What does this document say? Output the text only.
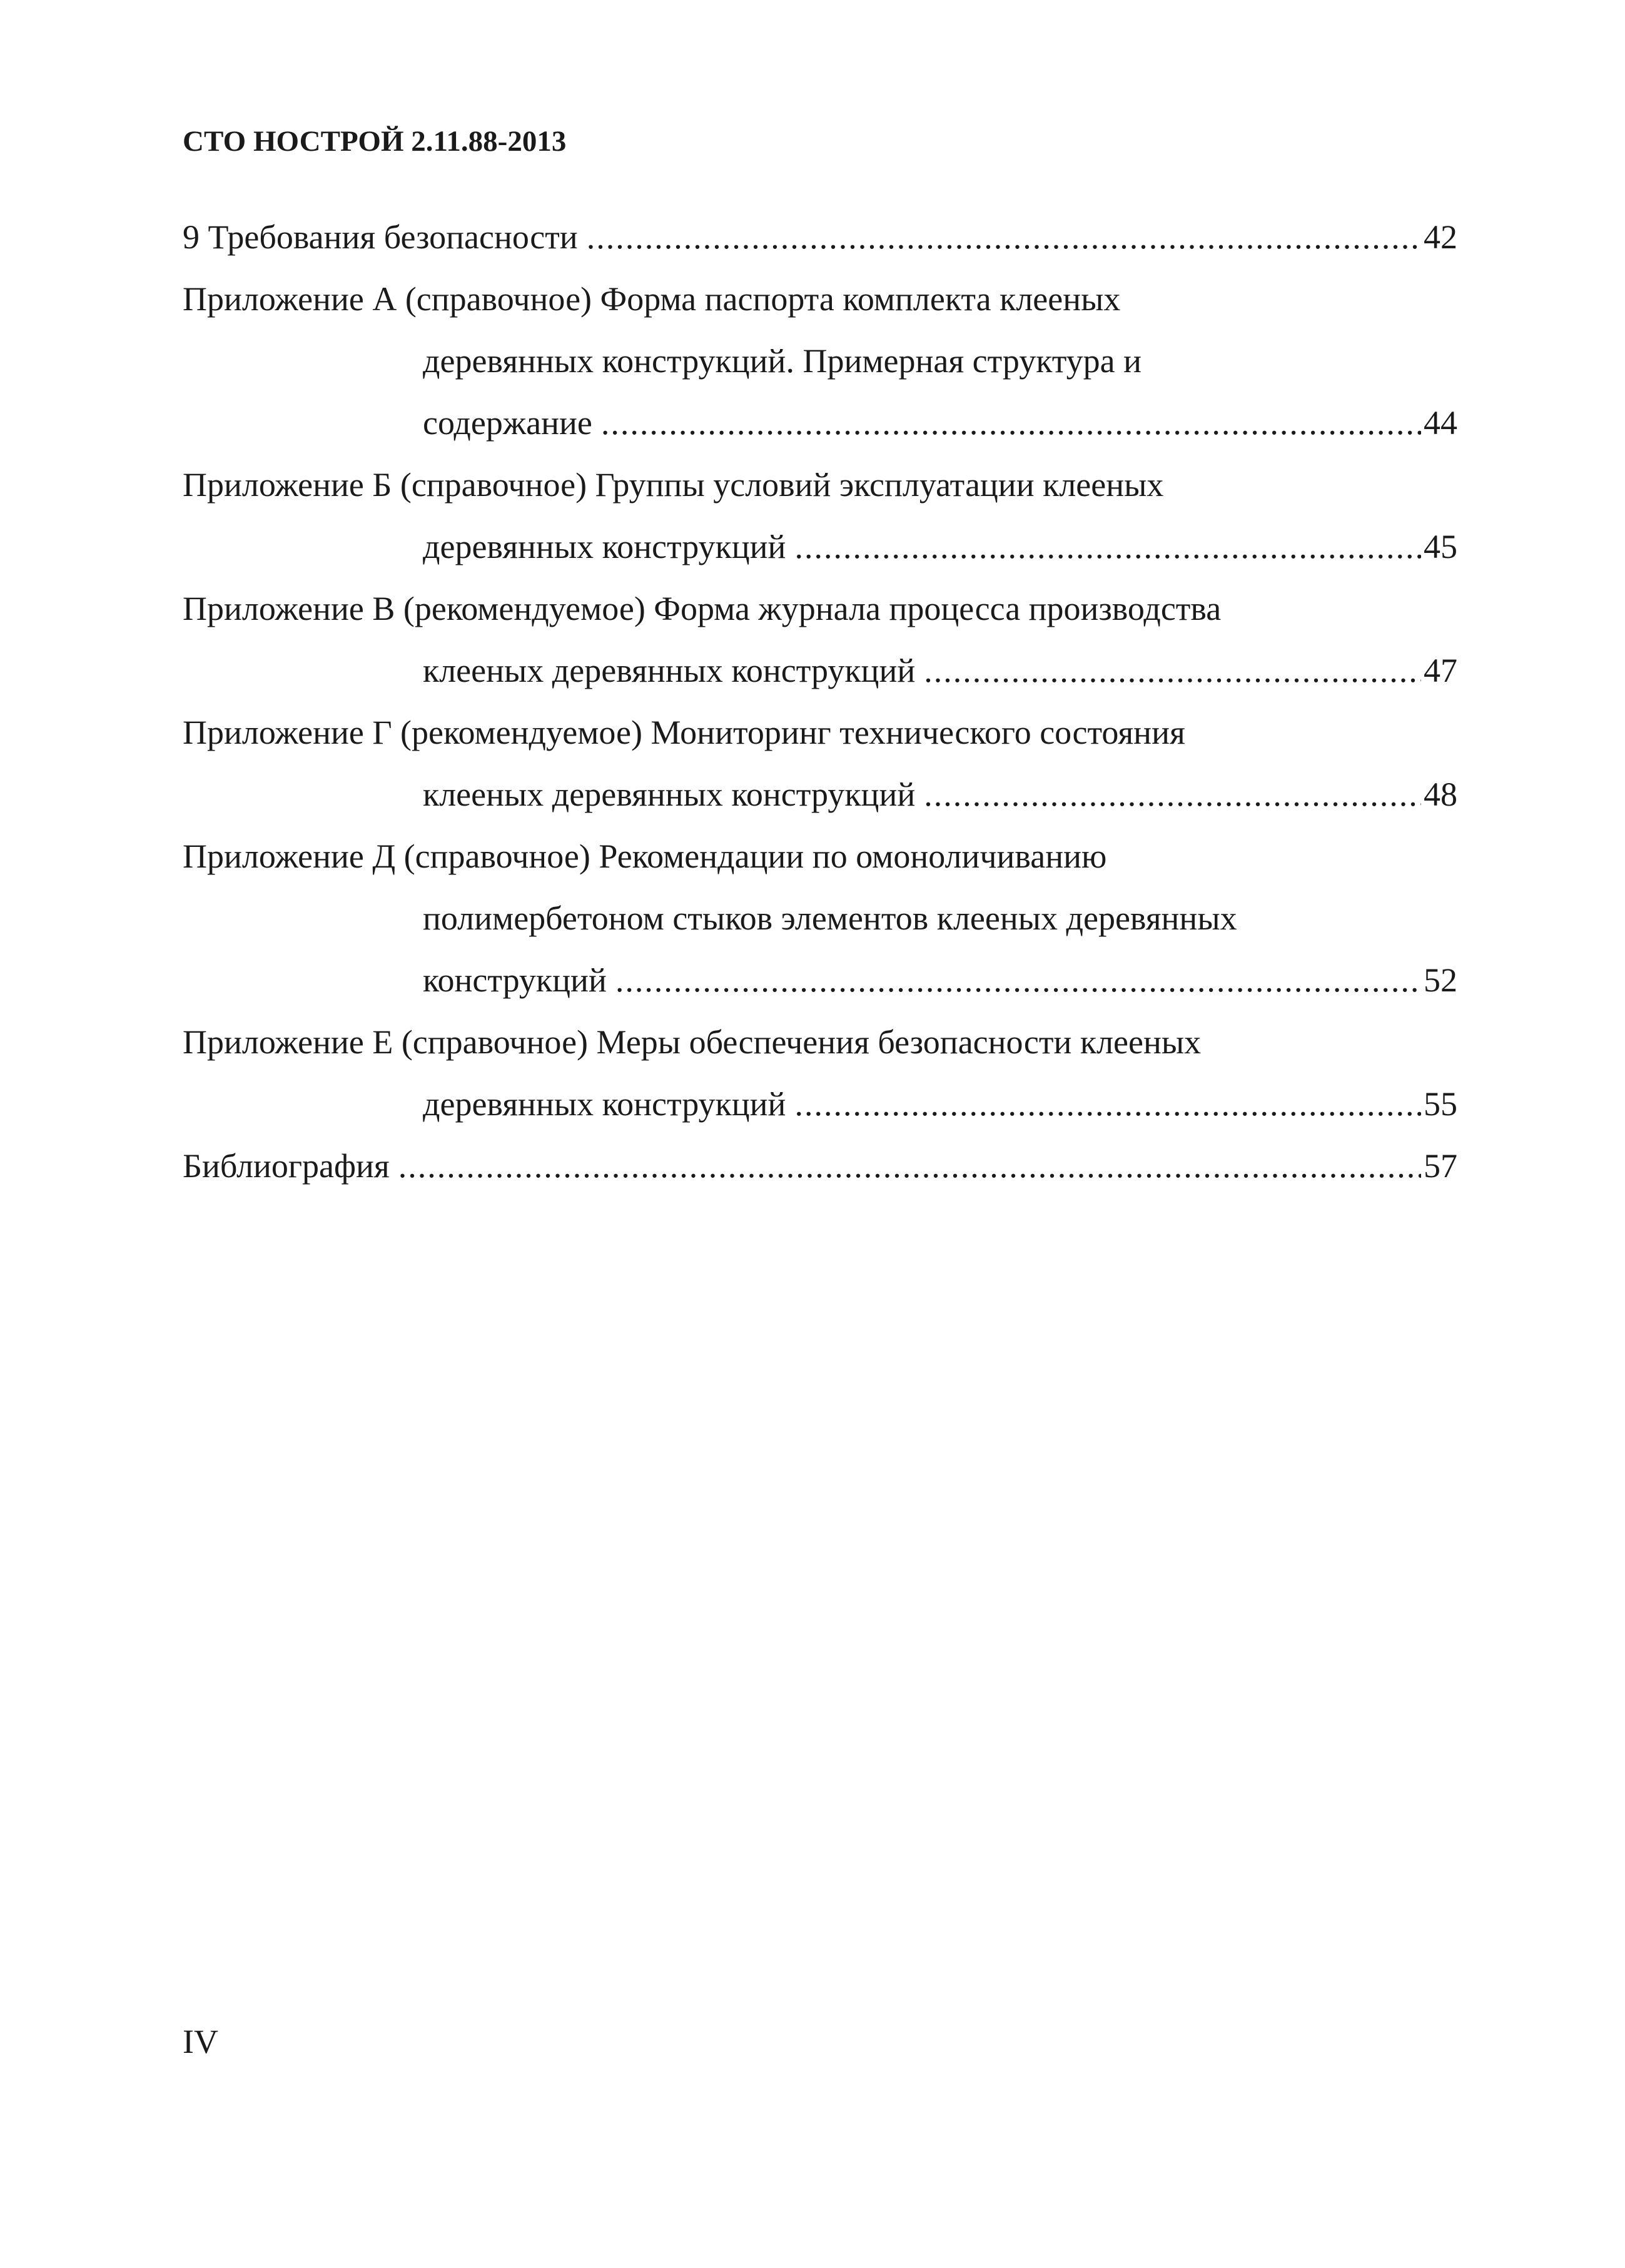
СТО НОСТРОЙ 2.11.88-2013
9 Требования безопасности .....	42
Приложение А (справочное) Форма паспорта комплекта клееных
деревянных конструкций. Примерная структура и
содержание .....	44
Приложение Б (справочное) Группы условий эксплуатации клееных
деревянных конструкций .....	45
Приложение В (рекомендуемое) Форма журнала процесса производства
клееных деревянных конструкций .....	47
Приложение Г (рекомендуемое) Мониторинг технического состояния
клееных деревянных конструкций .....	48
Приложение Д (справочное) Рекомендации по омоноличиванию
полимербетоном стыков элементов клееных деревянных
конструкций .....	52
Приложение Е (справочное) Меры обеспечения безопасности клееных
деревянных конструкций .....	55
Библиография .....	57
IV
